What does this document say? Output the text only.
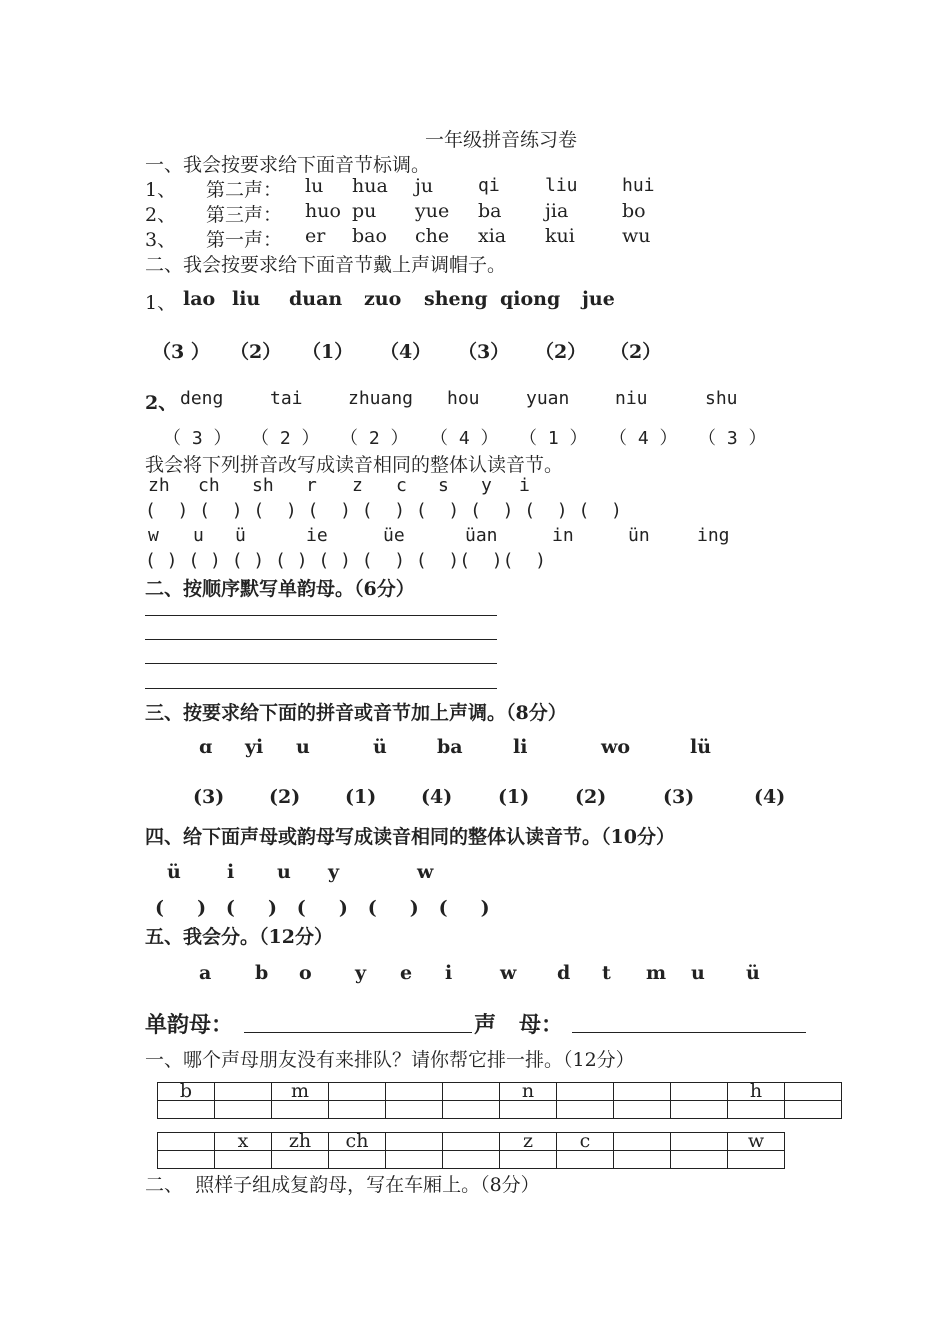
一年级拼音练习卷
一、我会按要求给下面音节标调。
1、 第二声： lu hua ju qi	liu hui
2、 第三声： huo pu yue ba jia	bo
3、 第一声： er bao che xia kui wu
二、我会按要求给下面音节戴上声调帽子。
1、 lao liu duan zuo sheng qiong jue
（3 ） （2） （1） （4） （3） （2） （2）
2、 deng	tai	zhuang hou	yuan	niu	shu
（ 3 ） （ 2 ） （ 2 ） （ 4 ） （ 1 ） （ 4 ） （ 3 ）
我会将下列拼音改写成读音相同的整体认读音节。
zh ch sh r z c s y i
(  ) (  ) (  ) (  ) (  ) (  ) (  ) (  ) (  )
w u ü	ie	üe	üan	in	ün	ing
( ) ( ) ( ) ( ) ( ) (  ) (  )(  )(  )
二、按顺序默写单韵母。（6分）
三、按要求给下面的拼音或音节加上声调。（8分）
ɑ yi u	ü	ba	li	wo	lü
(3) (2) (1) (4) (1) (2)	(3)	(4)
四、给下面声母或韵母写成读音相同的整体认读音节。（10分）
ü i u y	w
(     )   (     )   (     )   (     )   (     )
五、我会分。（12分）
a b o y e i	w d t m u ü
单韵母：	声   母：
一、哪个声母朋友没有来排队？请你帮它排一排。（12分）
b		m				n				h	

	x	zh	ch			z	c			w

二、  照样子组成复韵母，写在车厢上。（8分）
